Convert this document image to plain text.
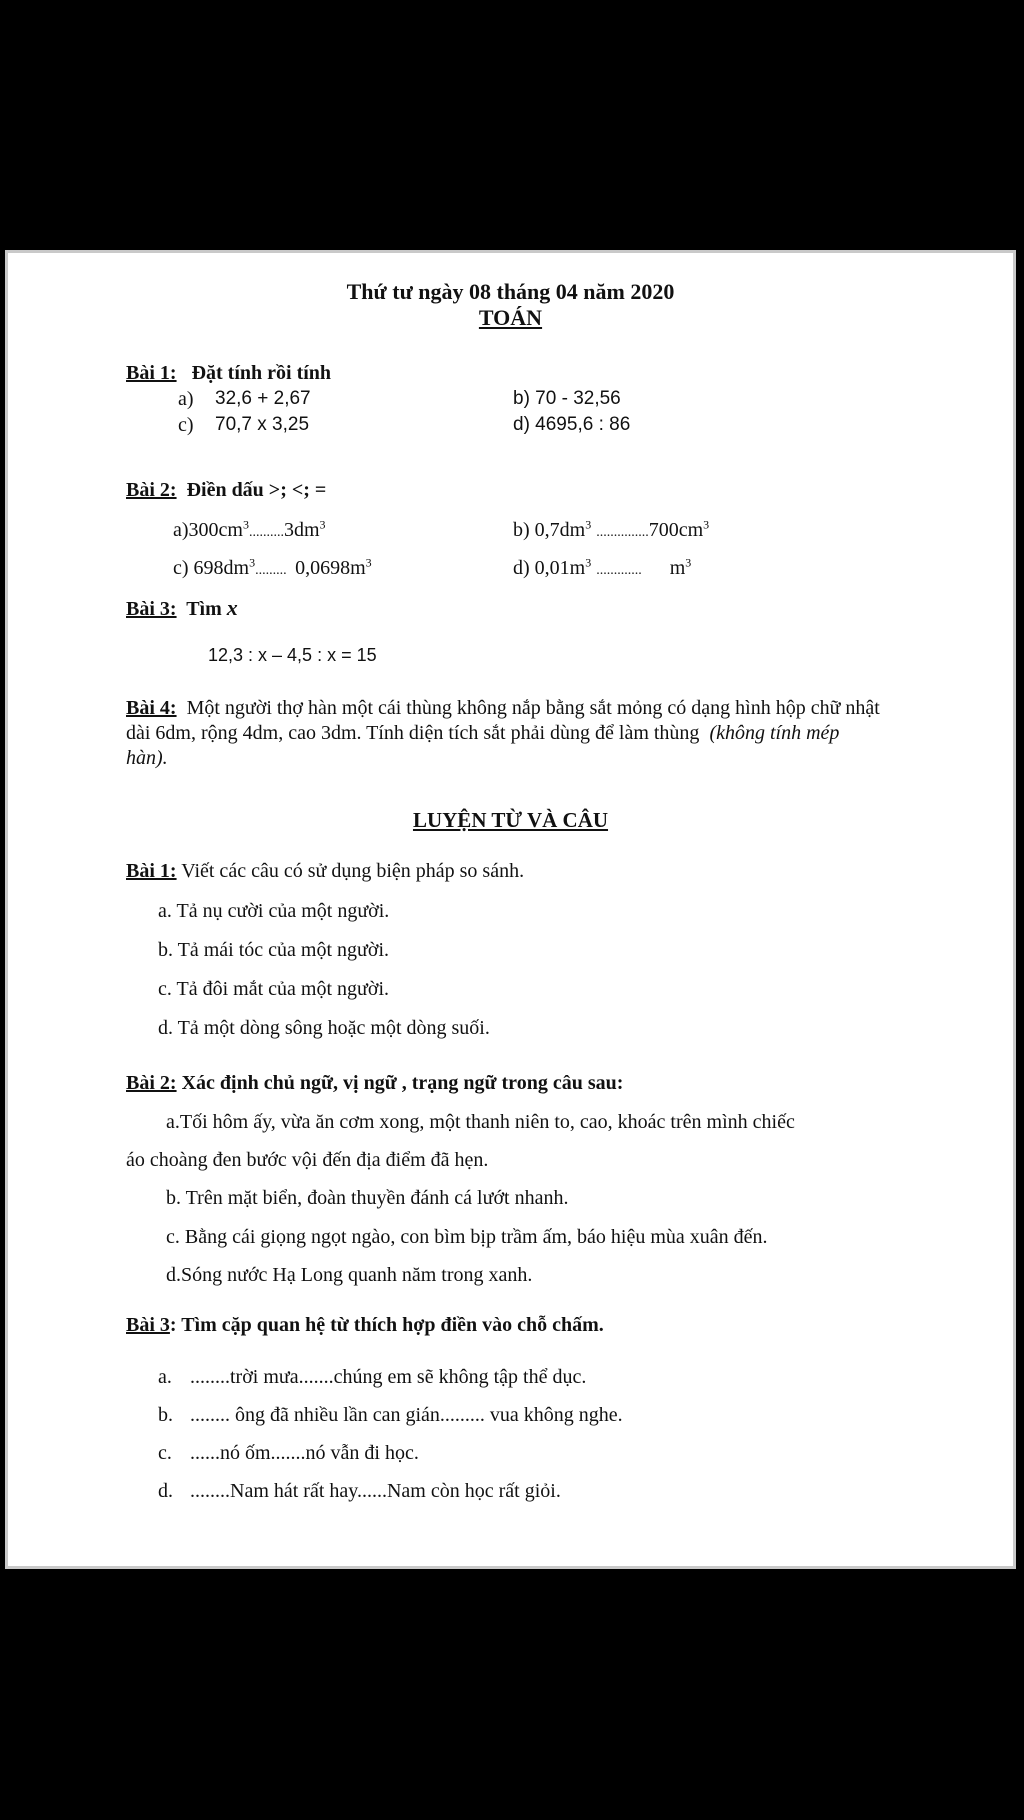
Thứ tư ngày 08 tháng 04 năm 2020
TOÁN
Bài 1: Đặt tính rồi tính
a) 32,6 + 2,67	b) 70 - 32,56
c) 70,7 x 3,25	d) 4695,6 : 86
Bài 2: Điền dấu >; <; =
$a)300cm^3..........3dm^3$	b) $0,7dm^3$ $...............700cm^3$
c) $698dm^3$.........  $0,0698m^3$	d) $0,01m^3$ ............. $m^3$
Bài 3: Tìm x
12,3 : x – 4,5 : x = 15
Bài 4: Một người thợ hàn một cái thùng không nắp bằng sắt mỏng có dạng hình hộp chữ nhật dài 6dm, rộng 4dm, cao 3dm. Tính diện tích sắt phải dùng để làm thùng (không tính mép hàn).
LUYỆN TỪ VÀ CÂU
Bài 1: Viết các câu có sử dụng biện pháp so sánh.
a. Tả nụ cười của một người.
b. Tả mái tóc của một người.
c. Tả đôi mắt của một người.
d. Tả một dòng sông hoặc một dòng suối.
Bài 2: Xác định chủ ngữ, vị ngữ , trạng ngữ trong câu sau:
a.Tối hôm ấy, vừa ăn cơm xong, một thanh niên to, cao, khoác trên mình chiếc
áo choàng đen bước vội đến địa điểm đã hẹn.
b. Trên mặt biển, đoàn thuyền đánh cá lướt nhanh.
c. Bằng cái giọng ngọt ngào, con bìm bịp trầm ấm, báo hiệu mùa xuân đến.
d.Sóng nước Hạ Long quanh năm trong xanh.
Bài 3: Tìm cặp quan hệ từ thích hợp điền vào chỗ chấm.
a. ........trời mưa.......chúng em sẽ không tập thể dục.
b. ........ ông đã nhiều lần can gián......... vua không nghe.
c. ......nó ốm.......nó vẫn đi học.
d. ........Nam hát rất hay......Nam còn học rất giỏi.
